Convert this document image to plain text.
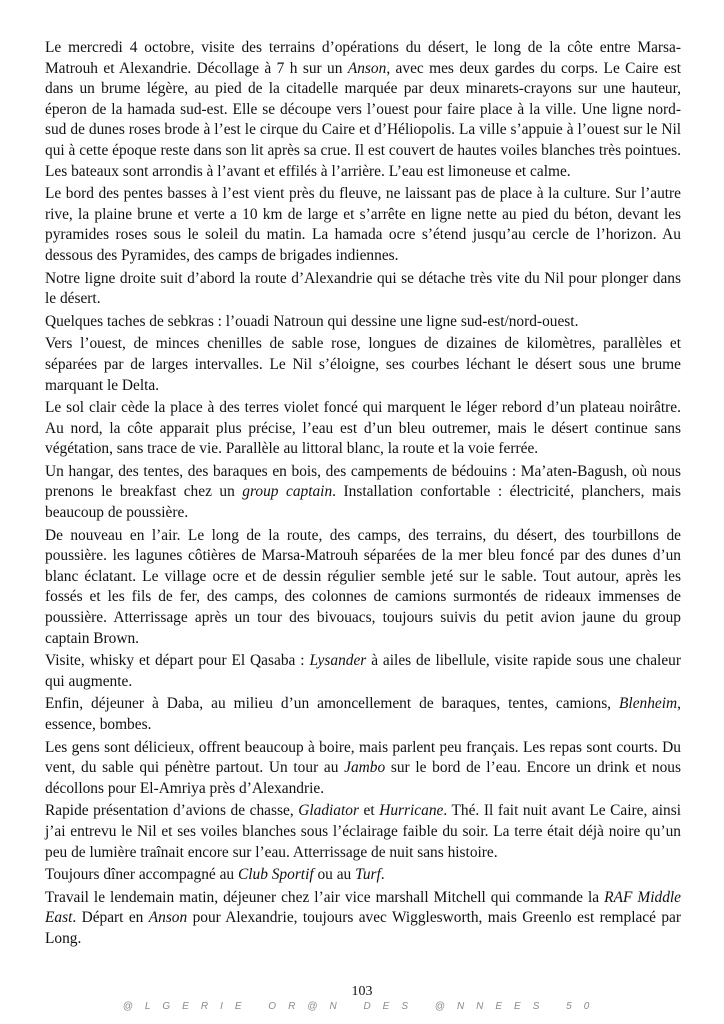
Le mercredi 4 octobre, visite des terrains d’opérations du désert, le long de la côte entre Marsa-Matrouh et Alexandrie. Décollage à 7 h sur un Anson, avec mes deux gardes du corps. Le Caire est dans un brume légère, au pied de la citadelle marquée par deux minarets-crayons sur une hauteur, éperon de la hamada sud-est. Elle se découpe vers l’ouest pour faire place à la ville. Une ligne nord-sud de dunes roses brode à l’est le cirque du Caire et d’Héliopolis. La ville s’appuie à l’ouest sur le Nil qui à cette époque reste dans son lit après sa crue. Il est couvert de hautes voiles blanches très pointues. Les bateaux sont arrondis à l’avant et effilés à l’arrière. L’eau est limoneuse et calme.

Le bord des pentes basses à l’est vient près du fleuve, ne laissant pas de place à la culture. Sur l’autre rive, la plaine brune et verte a 10 km de large et s’arrête en ligne nette au pied du béton, devant les pyramides roses sous le soleil du matin. La hamada ocre s’étend jusqu’au cercle de l’horizon. Au dessous des Pyramides, des camps de brigades indiennes.

Notre ligne droite suit d’abord la route d’Alexandrie qui se détache très vite du Nil pour plonger dans le désert.

Quelques taches de sebkras : l’ouadi Natroun qui dessine une ligne sud-est/nord-ouest.

Vers l’ouest, de minces chenilles de sable rose, longues de dizaines de kilomètres, parallèles et séparées par de larges intervalles. Le Nil s’éloigne, ses courbes léchant le désert sous une brume marquant le Delta.

Le sol clair cède la place à des terres violet foncé qui marquent le léger rebord d’un plateau noirâtre. Au nord, la côte apparait plus précise, l’eau est d’un bleu outremer, mais le désert continue sans végétation, sans trace de vie. Parallèle au littoral blanc, la route et la voie ferrée.

Un hangar, des tentes, des baraques en bois, des campements de bédouins : Ma’aten-Bagush, où nous prenons le breakfast chez un group captain. Installation confortable : électricité, planchers, mais beaucoup de poussière.

De nouveau en l’air. Le long de la route, des camps, des terrains, du désert, des tourbillons de poussière. les lagunes côtières de Marsa-Matrouh séparées de la mer bleu foncé par des dunes d’un blanc éclatant. Le village ocre et de dessin régulier semble jeté sur le sable. Tout autour, après les fossés et les fils de fer, des camps, des colonnes de camions surmontés de rideaux immenses de poussière. Atterrissage après un tour des bivouacs, toujours suivis du petit avion jaune du group captain Brown.

Visite, whisky et départ pour El Qasaba : Lysander à ailes de libellule, visite rapide sous une chaleur qui augmente.

Enfin, déjeuner à Daba, au milieu d’un amoncellement de baraques, tentes, camions, Blenheim, essence, bombes.

Les gens sont délicieux, offrent beaucoup à boire, mais parlent peu français. Les repas sont courts. Du vent, du sable qui pénètre partout. Un tour au Jambo sur le bord de l’eau. Encore un drink et nous décollons pour El-Amriya près d’Alexandrie.

Rapide présentation d’avions de chasse, Gladiator et Hurricane. Thé. Il fait nuit avant Le Caire, ainsi j’ai entrevu le Nil et ses voiles blanches sous l’éclairage faible du soir. La terre était déjà noire qu’un peu de lumière traînait encore sur l’eau. Atterrissage de nuit sans histoire.

Toujours dîner accompagné au Club Sportif ou au Turf.

Travail le lendemain matin, déjeuner chez l’air vice marshall Mitchell qui commande la RAF Middle East. Départ en Anson pour Alexandrie, toujours avec Wigglesworth, mais Greenlo est remplacé par Long.

103
@LGERIE OR@N DES @NNEES 50
